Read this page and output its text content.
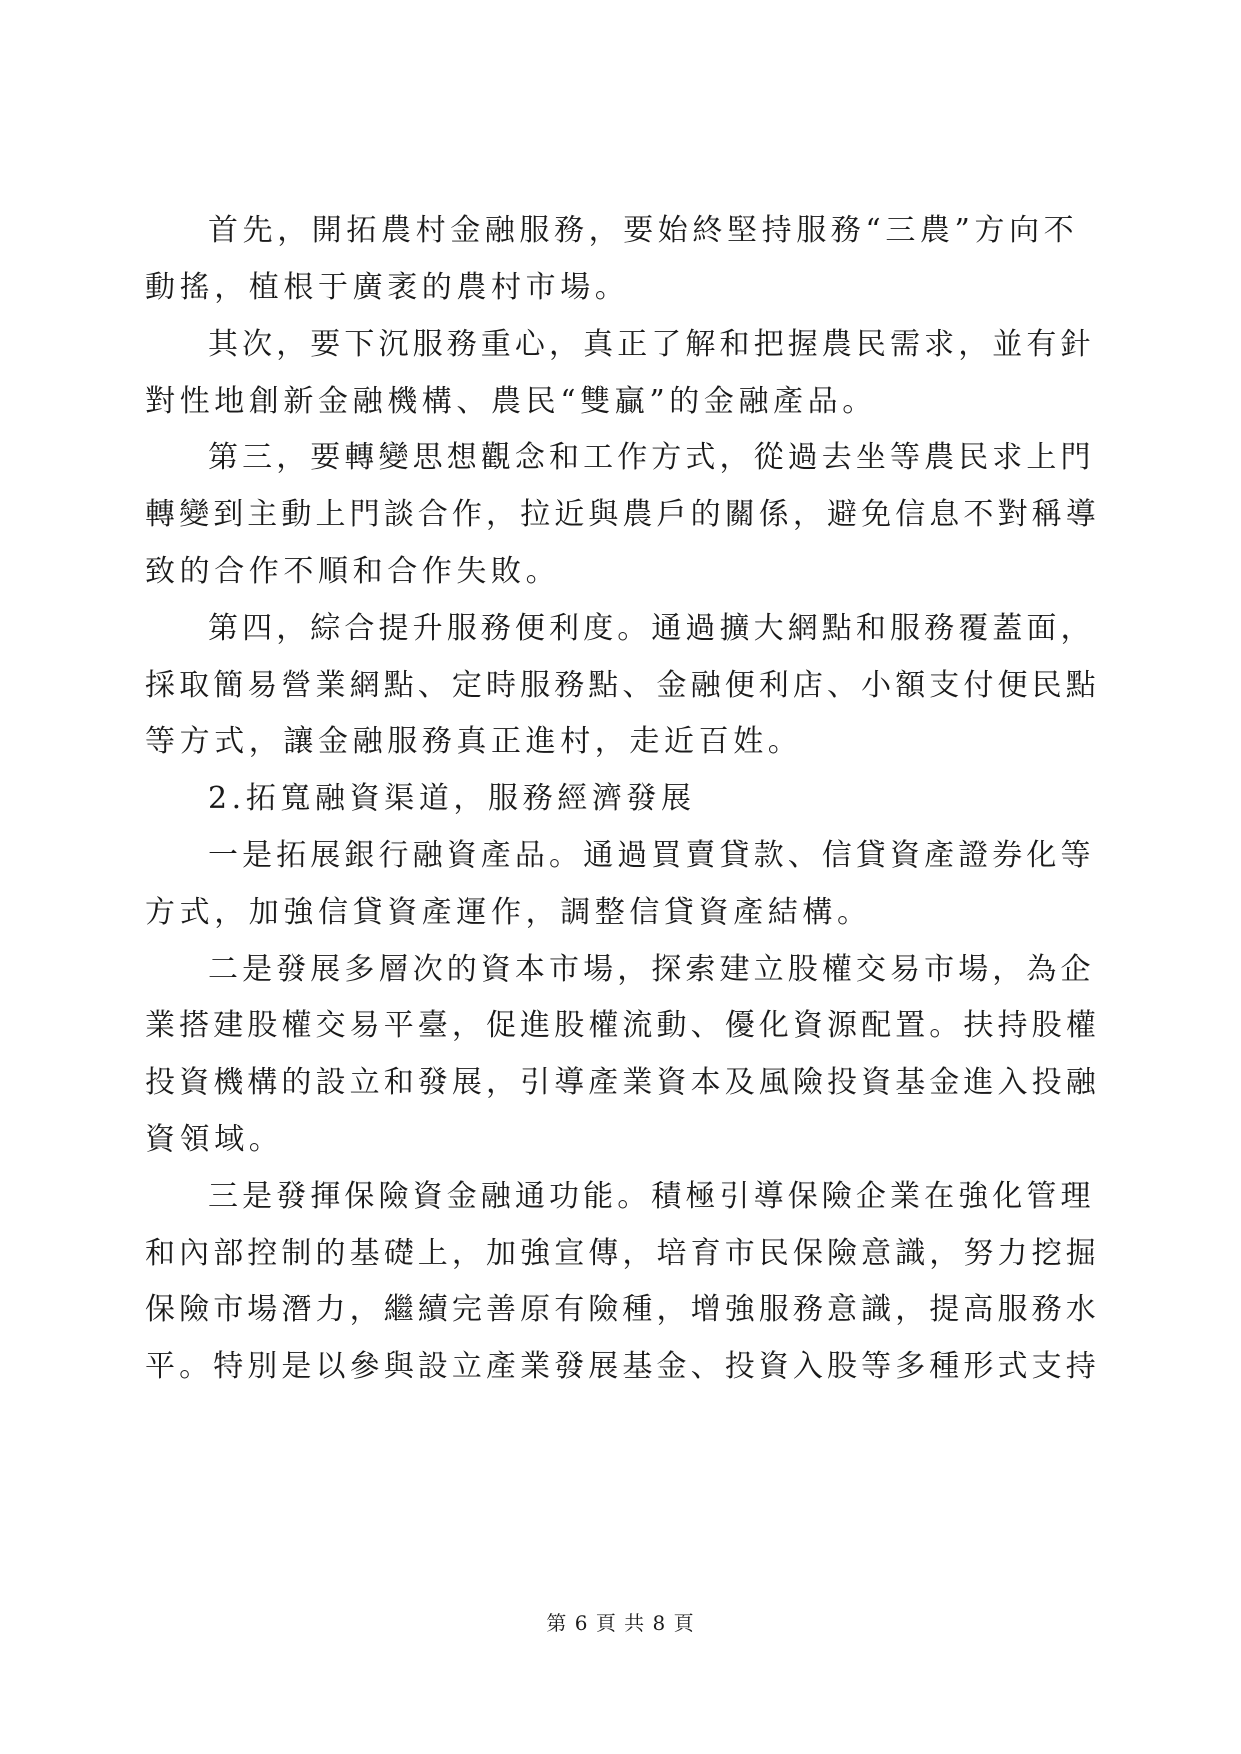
首先，開拓農村金融服務，要始終堅持服務“三農”方向不
動搖，植根于廣袤的農村市場。
其次，要下沉服務重心，真正了解和把握農民需求，並有針
對性地創新金融機構、農民“雙贏”的金融產品。
第三，要轉變思想觀念和工作方式，從過去坐等農民求上門
轉變到主動上門談合作，拉近與農戶的關係，避免信息不對稱導
致的合作不順和合作失敗。
第四，綜合提升服務便利度。通過擴大網點和服務覆蓋面，
採取簡易營業網點、定時服務點、金融便利店、小額支付便民點
等方式，讓金融服務真正進村，走近百姓。
2.拓寬融資渠道，服務經濟發展
一是拓展銀行融資產品。通過買賣貸款、信貸資產證券化等
方式，加強信貸資產運作，調整信貸資產結構。
二是發展多層次的資本市場，探索建立股權交易市場，為企
業搭建股權交易平臺，促進股權流動、優化資源配置。扶持股權
投資機構的設立和發展，引導產業資本及風險投資基金進入投融
資領域。
三是發揮保險資金融通功能。積極引導保險企業在強化管理
和內部控制的基礎上，加強宣傳，培育市民保險意識，努力挖掘
保險市場潛力，繼續完善原有險種，增強服務意識，提高服務水
平。特別是以參與設立產業發展基金、投資入股等多種形式支持
第 6 頁 共 8 頁
